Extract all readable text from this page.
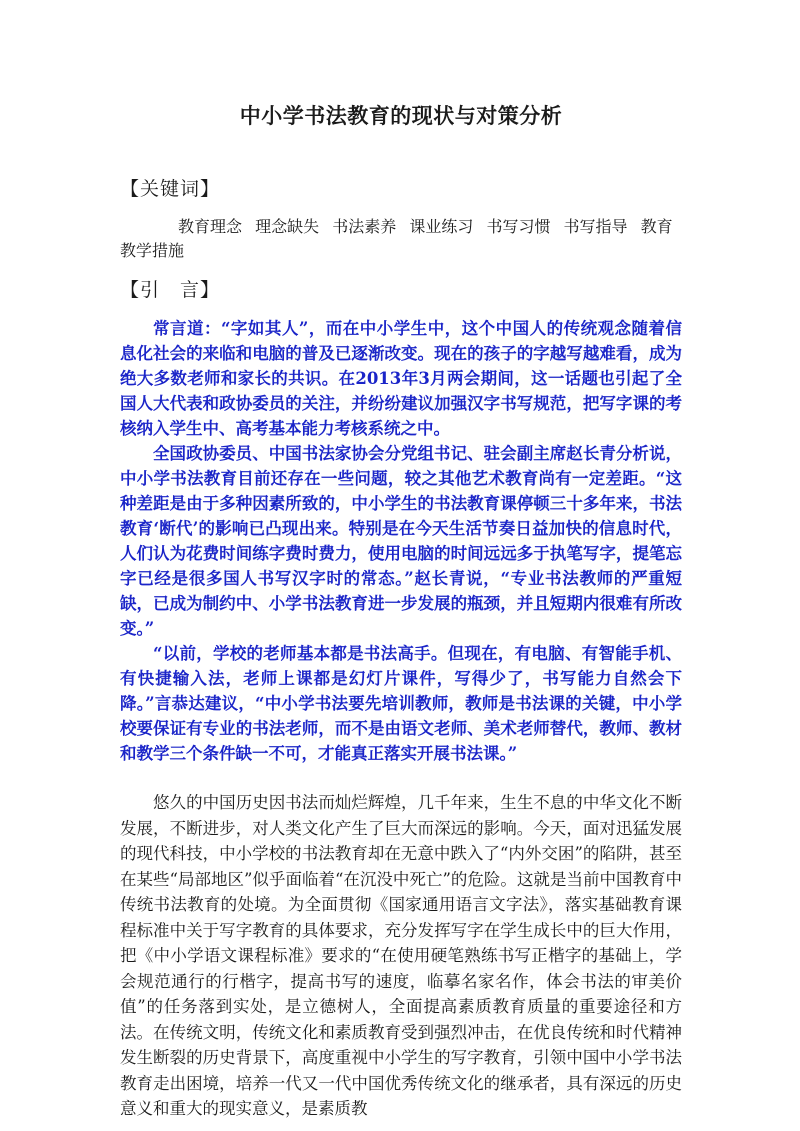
中小学书法教育的现状与对策分析
【关键词】

教育理念 理念缺失 书法素养 课业练习 书写习惯 书写指导 教育教学措施

【引　言】

常言道：“字如其人”，而在中小学生中，这个中国人的传统观念随着信息化社会的来临和电脑的普及已逐渐改变。现在的孩子的字越写越难看，成为绝大多数老师和家长的共识。在2013年3月两会期间，这一话题也引起了全国人大代表和政协委员的关注，并纷纷建议加强汉字书写规范，把写字课的考核纳入学生中、高考基本能力考核系统之中。

全国政协委员、中国书法家协会分党组书记、驻会副主席赵长青分析说，中小学书法教育目前还存在一些问题，较之其他艺术教育尚有一定差距。“这种差距是由于多种因素所致的，中小学生的书法教育课停顿三十多年来，书法教育‘断代’的影响已凸现出来。特别是在今天生活节奏日益加快的信息时代，人们认为花费时间练字费时费力，使用电脑的时间远远多于执笔写字，提笔忘字已经是很多国人书写汉字时的常态。”赵长青说，“专业书法教师的严重短缺，已成为制约中、小学书法教育进一步发展的瓶颈，并且短期内很难有所改变。”

“以前，学校的老师基本都是书法高手。但现在，有电脑、有智能手机、有快捷输入法，老师上课都是幻灯片课件，写得少了，书写能力自然会下降。”言恭达建议，“中小学书法要先培训教师，教师是书法课的关键，中小学校要保证有专业的书法老师，而不是由语文老师、美术老师替代，教师、教材和教学三个条件缺一不可，才能真正落实开展书法课。”

悠久的中国历史因书法而灿烂辉煌，几千年来，生生不息的中华文化不断发展，不断进步，对人类文化产生了巨大而深远的影响。今天，面对迅猛发展的现代科技，中小学校的书法教育却在无意中跌入了“内外交困”的陷阱，甚至在某些“局部地区”似乎面临着“在沉没中死亡”的危险。这就是当前中国教育中传统书法教育的处境。为全面贯彻《国家通用语言文字法》，落实基础教育课程标准中关于写字教育的具体要求，充分发挥写字在学生成长中的巨大作用，把《中小学语文课程标准》要求的“在使用硬笔熟练书写正楷字的基础上，学会规范通行的行楷字，提高书写的速度，临摹名家名作，体会书法的审美价值”的任务落到实处，是立德树人，全面提高素质教育质量的重要途径和方法。在传统文明，传统文化和素质教育受到强烈冲击，在优良传统和时代精神发生断裂的历史背景下，高度重视中小学生的写字教育，引领中国中小学书法教育走出困境，培养一代又一代中国优秀传统文化的继承者，具有深远的历史意义和重大的现实意义，是素质教
